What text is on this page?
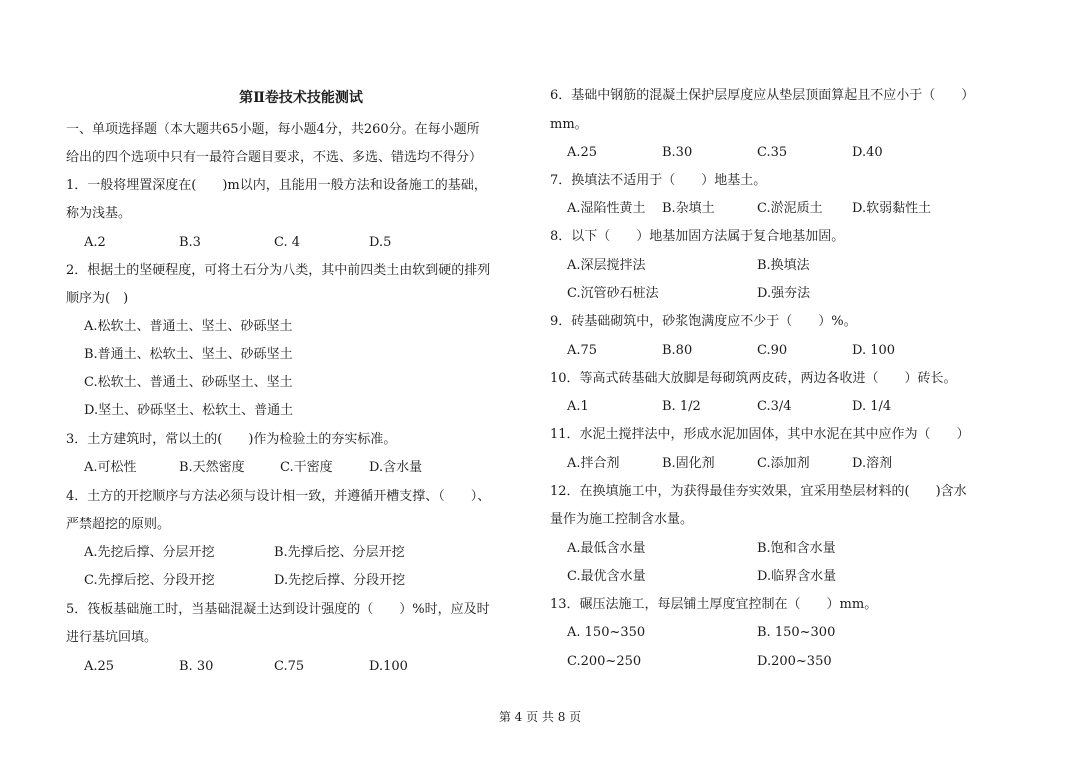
第Ⅱ卷技术技能测试
一、单项选择题（本大题共65小题，每小题4分，共260分。在每小题所
给出的四个选项中只有一最符合题目要求，不选、多选、错选均不得分）
1．一般将埋置深度在(　　)m以内，且能用一般方法和设备施工的基础，
称为浅基。
A.2	B.3	C. 4	D.5
2．根据土的坚硬程度，可将土石分为八类，其中前四类土由软到硬的排列
顺序为(　)
A.松软土、普通土、坚土、砂砾坚土
B.普通土、松软土、坚土、砂砾坚土
C.松软土、普通土、砂砾坚土、坚土
D.坚土、砂砾坚土、松软土、普通土
3．土方建筑时，常以土的(　　)作为检验土的夯实标准。
A.可松性	B.天然密度	C.干密度	D.含水量
4．土方的开挖顺序与方法必须与设计相一致，并遵循开槽支撑、（　　）、
严禁超挖的原则。
A.先挖后撑、分层开挖	B.先撑后挖、分层开挖
C.先撑后挖、分段开挖	D.先挖后撑、分段开挖
5．筏板基础施工时，当基础混凝土达到设计强度的（　　）%时，应及时
进行基坑回填。
A.25	B. 30	C.75	D.100
6．基础中钢筋的混凝土保护层厚度应从垫层顶面算起且不应小于（　　）
mm。
A.25	B.30	C.35	D.40
7．换填法不适用于（　　）地基土。
A.湿陷性黄土 B.杂填土	C.淤泥质土 D.软弱黏性土
8．以下（　　）地基加固方法属于复合地基加固。
A.深层搅拌法	B.换填法
C.沉管砂石桩法	D.强夯法
9．砖基础砌筑中，砂浆饱满度应不少于（　　）%。
A.75	B.80	C.90	D. 100
10．等高式砖基础大放脚是每砌筑两皮砖，两边各收进（　　）砖长。
A.1	B. 1/2	C.3/4	D. 1/4
11．水泥土搅拌法中，形成水泥加固体，其中水泥在其中应作为（　　）
A.拌合剂	B.固化剂	C.添加剂	D.溶剂
12．在换填施工中，为获得最佳夯实效果，宜采用垫层材料的(　　)含水
量作为施工控制含水量。
A.最低含水量	B.饱和含水量
C.最优含水量	D.临界含水量
13．碾压法施工，每层铺土厚度宜控制在（　　）mm。
A. 150~350	B. 150~300
C.200~250	D.200~350
第 4 页 共 8 页
